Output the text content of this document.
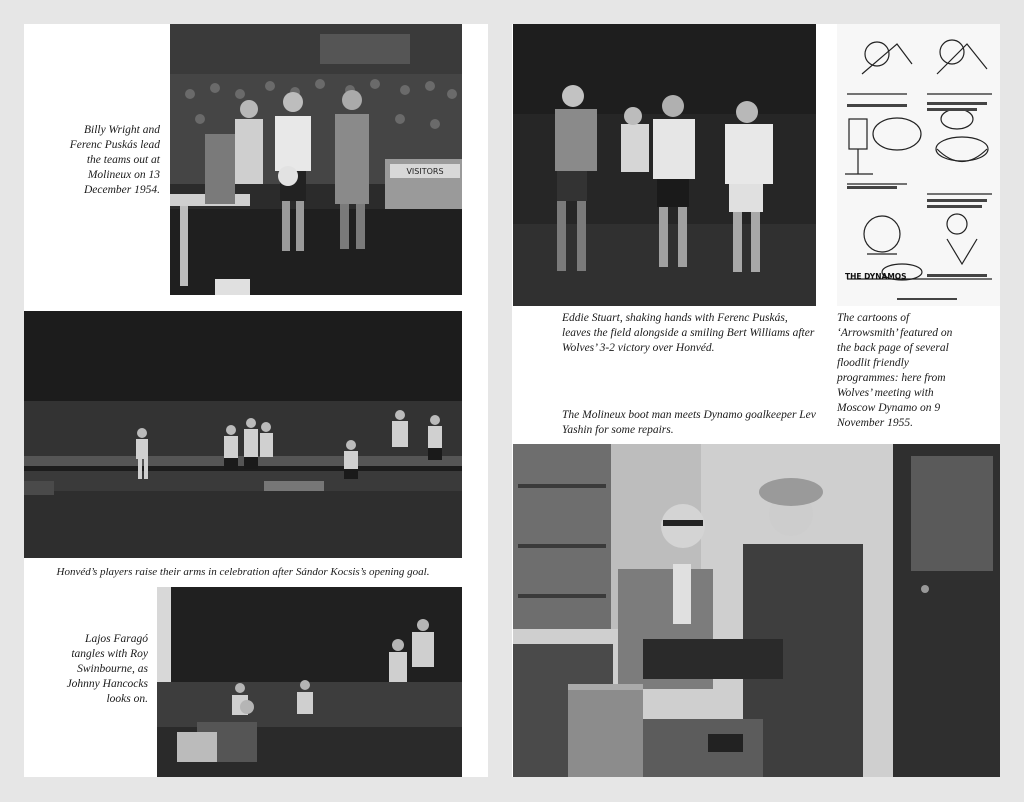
Billy Wright and Ferenc Puskás lead the teams out at Molineux on 13 December 1954.
VISITORS
Honvéd’s players raise their arms in celebration after Sándor Kocsis’s opening goal.
Lajos Faragó tangles with Roy Swinbourne, as Johnny Hancocks looks on.
THE DYNAMOS
Eddie Stuart, shaking hands with Ferenc Puskás, leaves the field alongside a smiling Bert Williams after Wolves’ 3-2 victory over Honvéd.
The cartoons of ‘Arrowsmith’ featured on the back page of several floodlit friendly programmes: here from Wolves’ meeting with Moscow Dynamo on 9 November 1955.
The Molineux boot man meets Dynamo goalkeeper Lev Yashin for some repairs.
